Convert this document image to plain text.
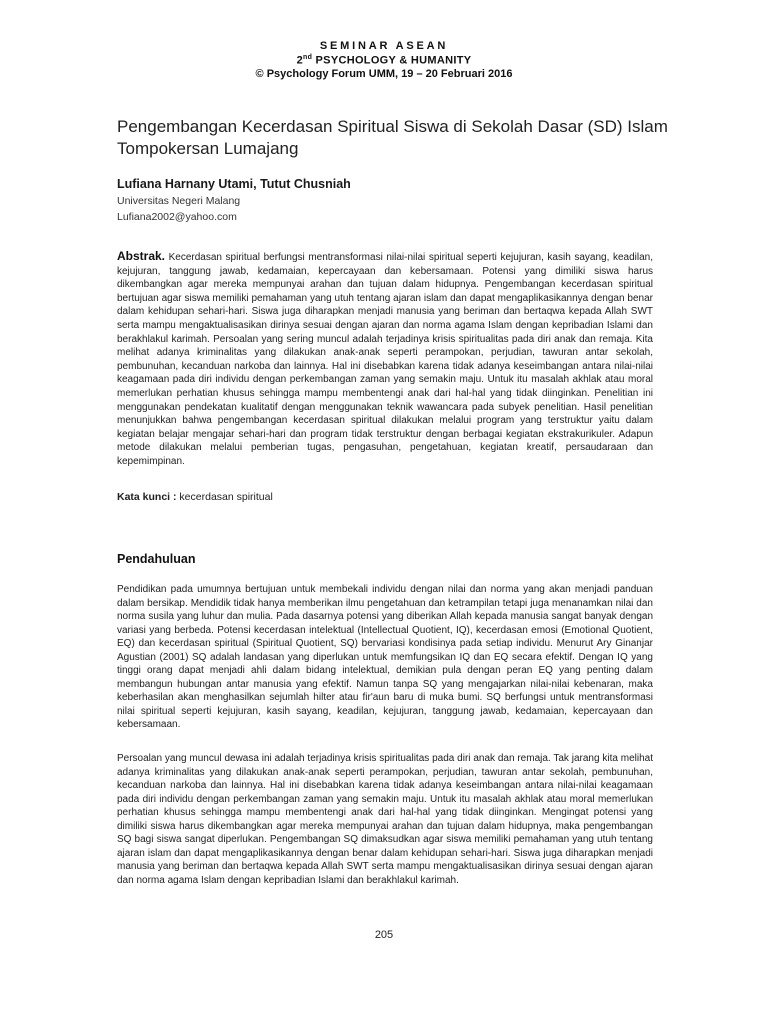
SEMINAR ASEAN
2nd PSYCHOLOGY & HUMANITY
© Psychology Forum UMM, 19 – 20 Februari 2016
Pengembangan Kecerdasan Spiritual Siswa di Sekolah Dasar (SD) Islam Tompokersan Lumajang
Lufiana Harnany Utami, Tutut Chusniah
Universitas Negeri Malang
Lufiana2002@yahoo.com

Abstrak. Kecerdasan spiritual berfungsi mentransformasi nilai-nilai spiritual seperti kejujuran, kasih sayang, keadilan, kejujuran, tanggung jawab, kedamaian, kepercayaan dan kebersamaan. Potensi yang dimiliki siswa harus dikembangkan agar mereka mempunyai arahan dan tujuan dalam hidupnya. Pengembangan kecerdasan spiritual bertujuan agar siswa memiliki pemahaman yang utuh tentang ajaran islam dan dapat mengaplikasikannya dengan benar dalam kehidupan sehari-hari. Siswa juga diharapkan menjadi manusia yang beriman dan bertaqwa kepada Allah SWT serta mampu mengaktualisasikan dirinya sesuai dengan ajaran dan norma agama Islam dengan kepribadian Islami dan berakhlakul karimah. Persoalan yang sering muncul adalah terjadinya krisis spiritualitas pada diri anak dan remaja. Kita melihat adanya kriminalitas yang dilakukan anak-anak seperti perampokan, perjudian, tawuran antar sekolah, pembunuhan, kecanduan narkoba dan lainnya. Hal ini disebabkan karena tidak adanya keseimbangan antara nilai-nilai keagamaan pada diri individu dengan perkembangan zaman yang semakin maju. Untuk itu masalah akhlak atau moral memerlukan perhatian khusus sehingga mampu membentengi anak dari hal-hal yang tidak diinginkan. Penelitian ini menggunakan pendekatan kualitatif dengan menggunakan teknik wawancara pada subyek penelitian. Hasil penelitian menunjukkan bahwa pengembangan kecerdasan spiritual dilakukan melalui program yang terstruktur yaitu dalam kegiatan belajar mengajar sehari-hari dan program tidak terstruktur dengan berbagai kegiatan ekstrakurikuler. Adapun metode dilakukan melalui pemberian tugas, pengasuhan, pengetahuan, kegiatan kreatif, persaudaraan dan kepemimpinan.

Kata kunci : kecerdasan spiritual
Pendahuluan

Pendidikan pada umumnya bertujuan untuk membekali individu dengan nilai dan norma yang akan menjadi panduan dalam bersikap. Mendidik tidak hanya memberikan ilmu pengetahuan dan ketrampilan tetapi juga menanamkan nilai dan norma susila yang luhur dan mulia. Pada dasarnya potensi yang diberikan Allah kepada manusia sangat banyak dengan variasi yang berbeda. Potensi kecerdasan intelektual (Intellectual Quotient, IQ), kecerdasan emosi (Emotional Quotient, EQ) dan kecerdasan spiritual (Spiritual Quotient, SQ) bervariasi kondisinya pada setiap individu. Menurut Ary Ginanjar Agustian (2001) SQ adalah landasan yang diperlukan untuk memfungsikan IQ dan EQ secara efektif. Dengan IQ yang tinggi orang dapat menjadi ahli dalam bidang intelektual, demikian pula dengan peran EQ yang penting dalam membangun hubungan antar manusia yang efektif. Namun tanpa SQ yang mengajarkan nilai-nilai kebenaran, maka keberhasilan akan menghasilkan sejumlah hilter atau fir'aun baru di muka bumi. SQ berfungsi untuk mentransformasi nilai spiritual seperti kejujuran, kasih sayang, keadilan, kejujuran, tanggung jawab, kedamaian, kepercayaan dan kebersamaan.

Persoalan yang muncul dewasa ini adalah terjadinya krisis spiritualitas pada diri anak dan remaja. Tak jarang kita melihat adanya kriminalitas yang dilakukan anak-anak seperti perampokan, perjudian, tawuran antar sekolah, pembunuhan, kecanduan narkoba dan lainnya. Hal ini disebabkan karena tidak adanya keseimbangan antara nilai-nilai keagamaan pada diri individu dengan perkembangan zaman yang semakin maju. Untuk itu masalah akhlak atau moral memerlukan perhatian khusus sehingga mampu membentengi anak dari hal-hal yang tidak diinginkan. Mengingat potensi yang dimiliki siswa harus dikembangkan agar mereka mempunyai arahan dan tujuan dalam hidupnya, maka pengembangan SQ bagi siswa sangat diperlukan. Pengembangan SQ dimaksudkan agar siswa memiliki pemahaman yang utuh tentang ajaran islam dan dapat mengaplikasikannya dengan benar dalam kehidupan sehari-hari. Siswa juga diharapkan menjadi manusia yang beriman dan bertaqwa kepada Allah SWT serta mampu mengaktualisasikan dirinya sesuai dengan ajaran dan norma agama Islam dengan kepribadian Islami dan berakhlakul karimah.

205
